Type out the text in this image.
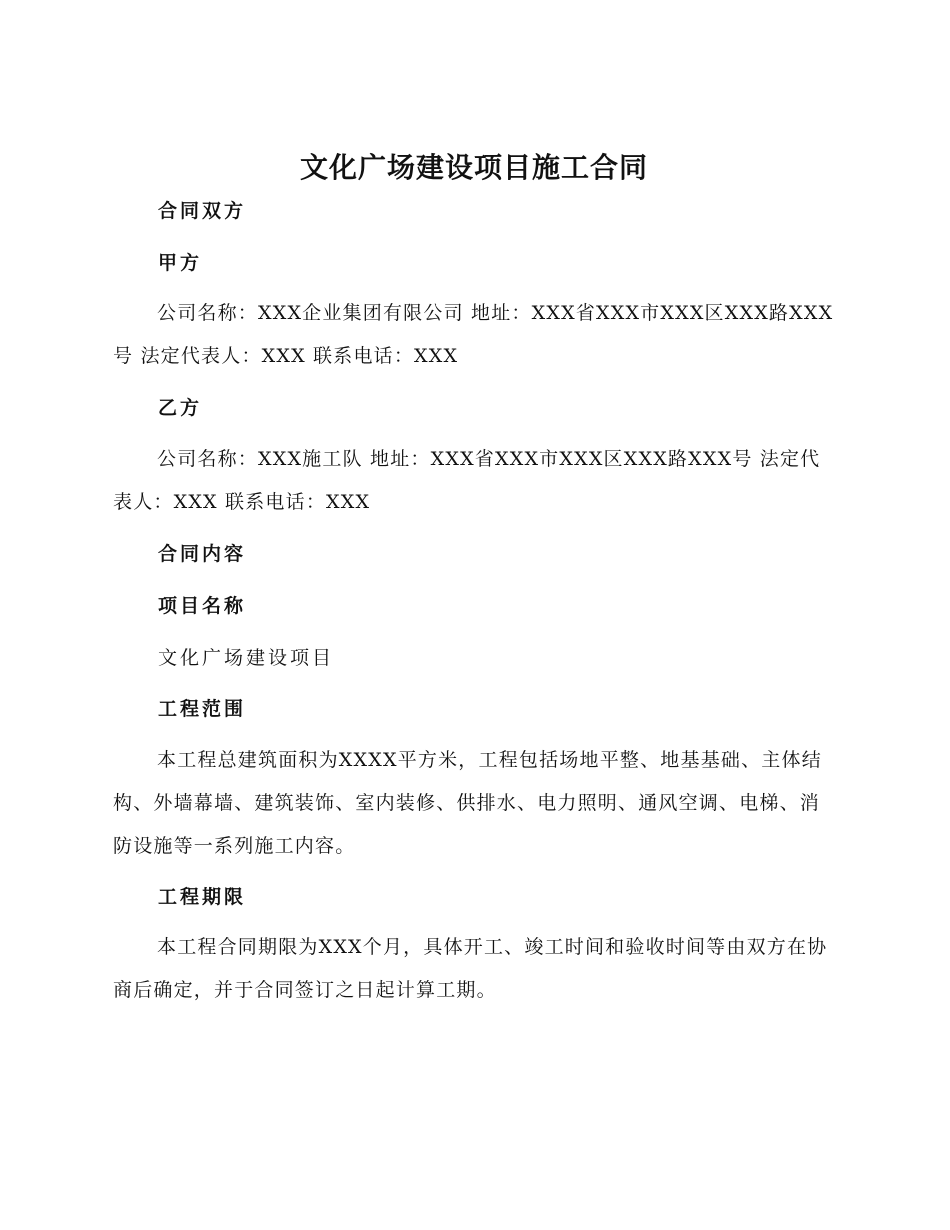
文化广场建设项目施工合同
合同双方
甲方

公司名称：XXX企业集团有限公司 地址：XXX省XXX市XXX区XXX路XXX号 法定代表人：XXX 联系电话：XXX

乙方

公司名称：XXX施工队 地址：XXX省XXX市XXX区XXX路XXX号 法定代表人：XXX 联系电话：XXX

合同内容
项目名称

文化广场建设项目

工程范围

本工程总建筑面积为XXXX平方米，工程包括场地平整、地基基础、主体结构、外墙幕墙、建筑装饰、室内装修、供排水、电力照明、通风空调、电梯、消防设施等一系列施工内容。

工程期限

本工程合同期限为XXX个月，具体开工、竣工时间和验收时间等由双方在协商后确定，并于合同签订之日起计算工期。
